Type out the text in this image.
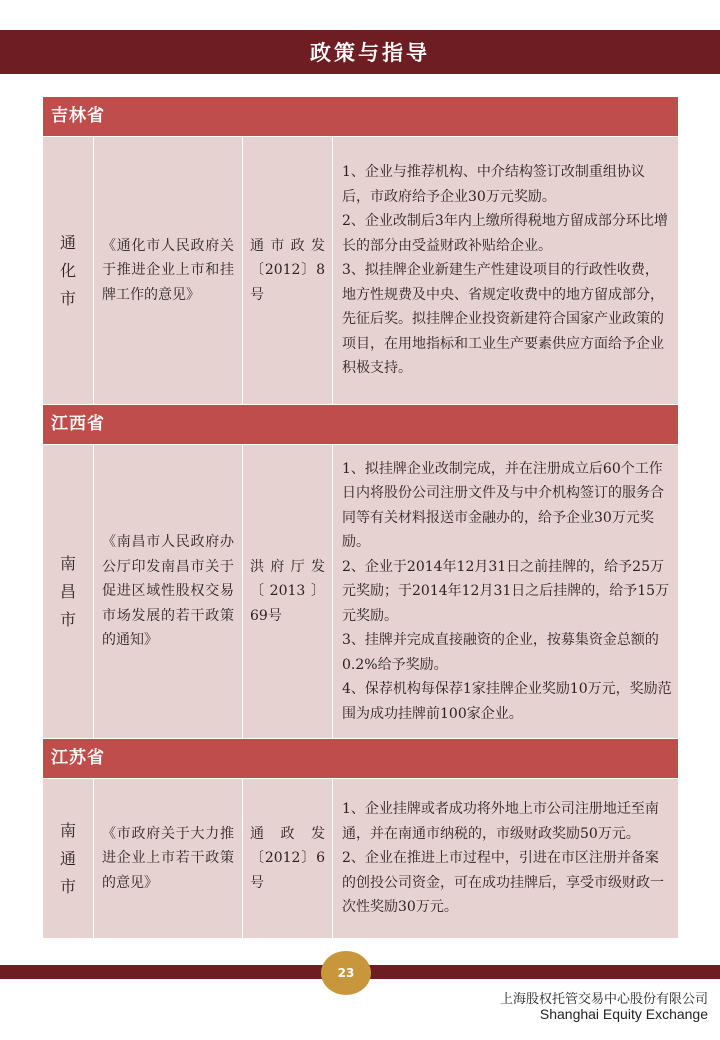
政策与指导
吉林省			
通化市	《通化市人民政府关于推进企业上市和挂牌工作的意见》	通市政发〔2012〕8号	1、企业与推荐机构、中介结构签订改制重组协议后，市政府给予企业30万元奖励。
2、企业改制后3年内上缴所得税地方留成部分环比增长的部分由受益财政补贴给企业。
3、拟挂牌企业新建生产性建设项目的行政性收费，地方性规费及中央、省规定收费中的地方留成部分，先征后奖。拟挂牌企业投资新建符合国家产业政策的项目，在用地指标和工业生产要素供应方面给予企业积极支持。

江西省			
南昌市	《南昌市人民政府办公厅印发南昌市关于促进区域性股权交易市场发展的若干政策的通知》	洪府厅发〔2013〕69号	1、拟挂牌企业改制完成，并在注册成立后60个工作日内将股份公司注册文件及与中介机构签订的服务合同等有关材料报送市金融办的，给予企业30万元奖励。
2、企业于2014年12月31日之前挂牌的，给予25万元奖励；于2014年12月31日之后挂牌的，给予15万元奖励。
3、挂牌并完成直接融资的企业，按募集资金总额的0.2%给予奖励。
4、保荐机构每保荐1家挂牌企业奖励10万元，奖励范围为成功挂牌前100家企业。

江苏省			
南通市	《市政府关于大力推进企业上市若干政策的意见》	通政发〔2012〕6号	1、企业挂牌或者成功将外地上市公司注册地迁至南通，并在南通市纳税的，市级财政奖励50万元。
2、企业在推进上市过程中，引进在市区注册并备案的创投公司资金，可在成功挂牌后，享受市级财政一次性奖励30万元。
23
上海股权托管交易中心股份有限公司
Shanghai Equity Exchange
